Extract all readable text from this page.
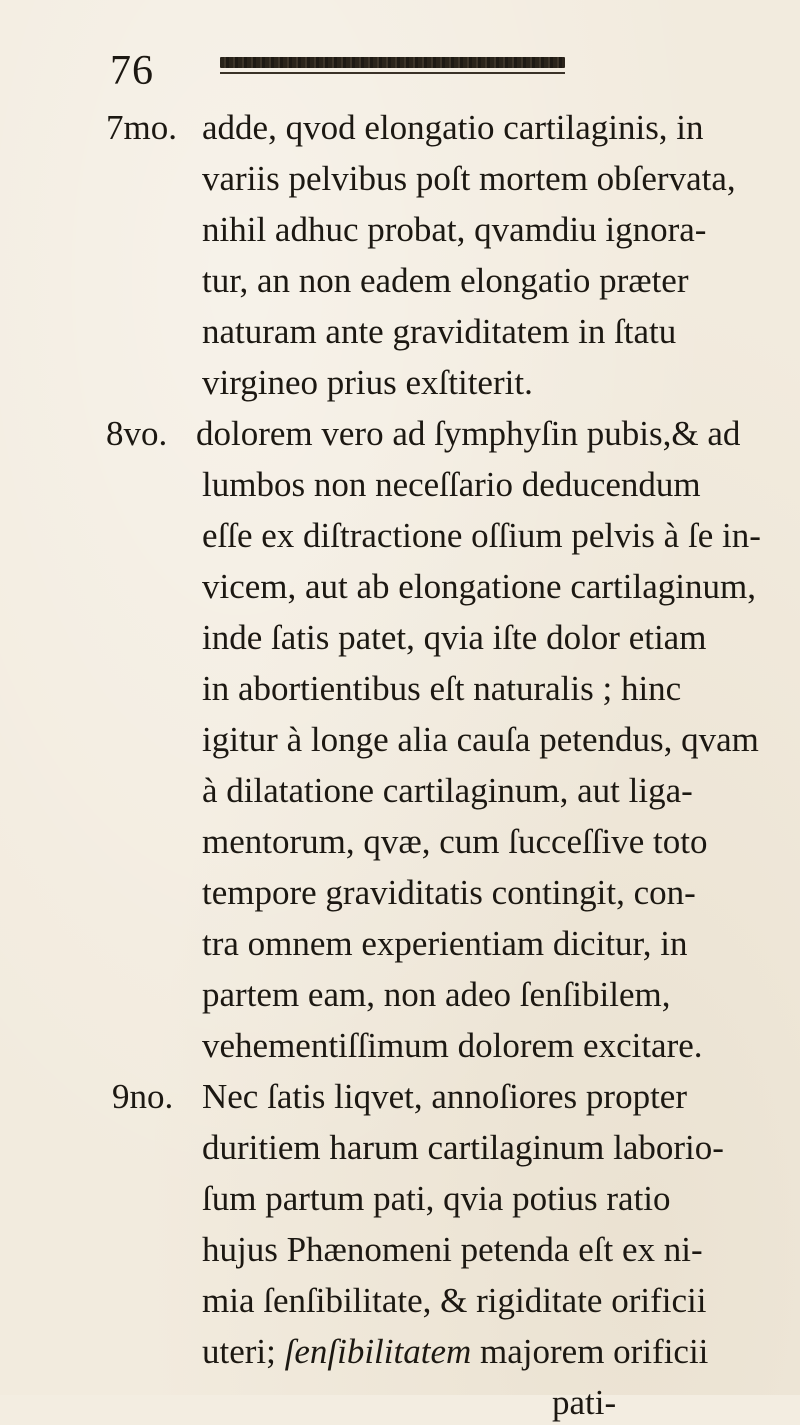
76
7mo. adde, qvod elongatio cartilaginis, in
variis pelvibus poſt mortem obſervata,
nihil adhuc probat, qvamdiu ignora-
tur, an non eadem elongatio præter
naturam ante graviditatem in ſtatu
virgineo prius exſtiterit.
8vo. dolorem vero ad ſymphyſin pubis,& ad
lumbos non neceſſario deducendum
eſſe ex diſtractione oſſium pelvis à ſe in-
vicem, aut ab elongatione cartilaginum,
inde ſatis patet, qvia iſte dolor etiam
in abortientibus eſt naturalis ; hinc
igitur à longe alia cauſa petendus, qvam
à dilatatione cartilaginum, aut liga-
mentorum, qvæ, cum ſucceſſive toto
tempore graviditatis contingit, con-
tra omnem experientiam dicitur, in
partem eam, non adeo ſenſibilem,
vehementiſſimum dolorem excitare.
9no. Nec ſatis liqvet, annoſiores propter
duritiem harum cartilaginum laborio-
ſum partum pati, qvia potius ratio
hujus Phænomeni petenda eſt ex ni-
mia ſenſibilitate, & rigiditate orificii
uteri; ſenſibilitatem majorem orificii
pati-
